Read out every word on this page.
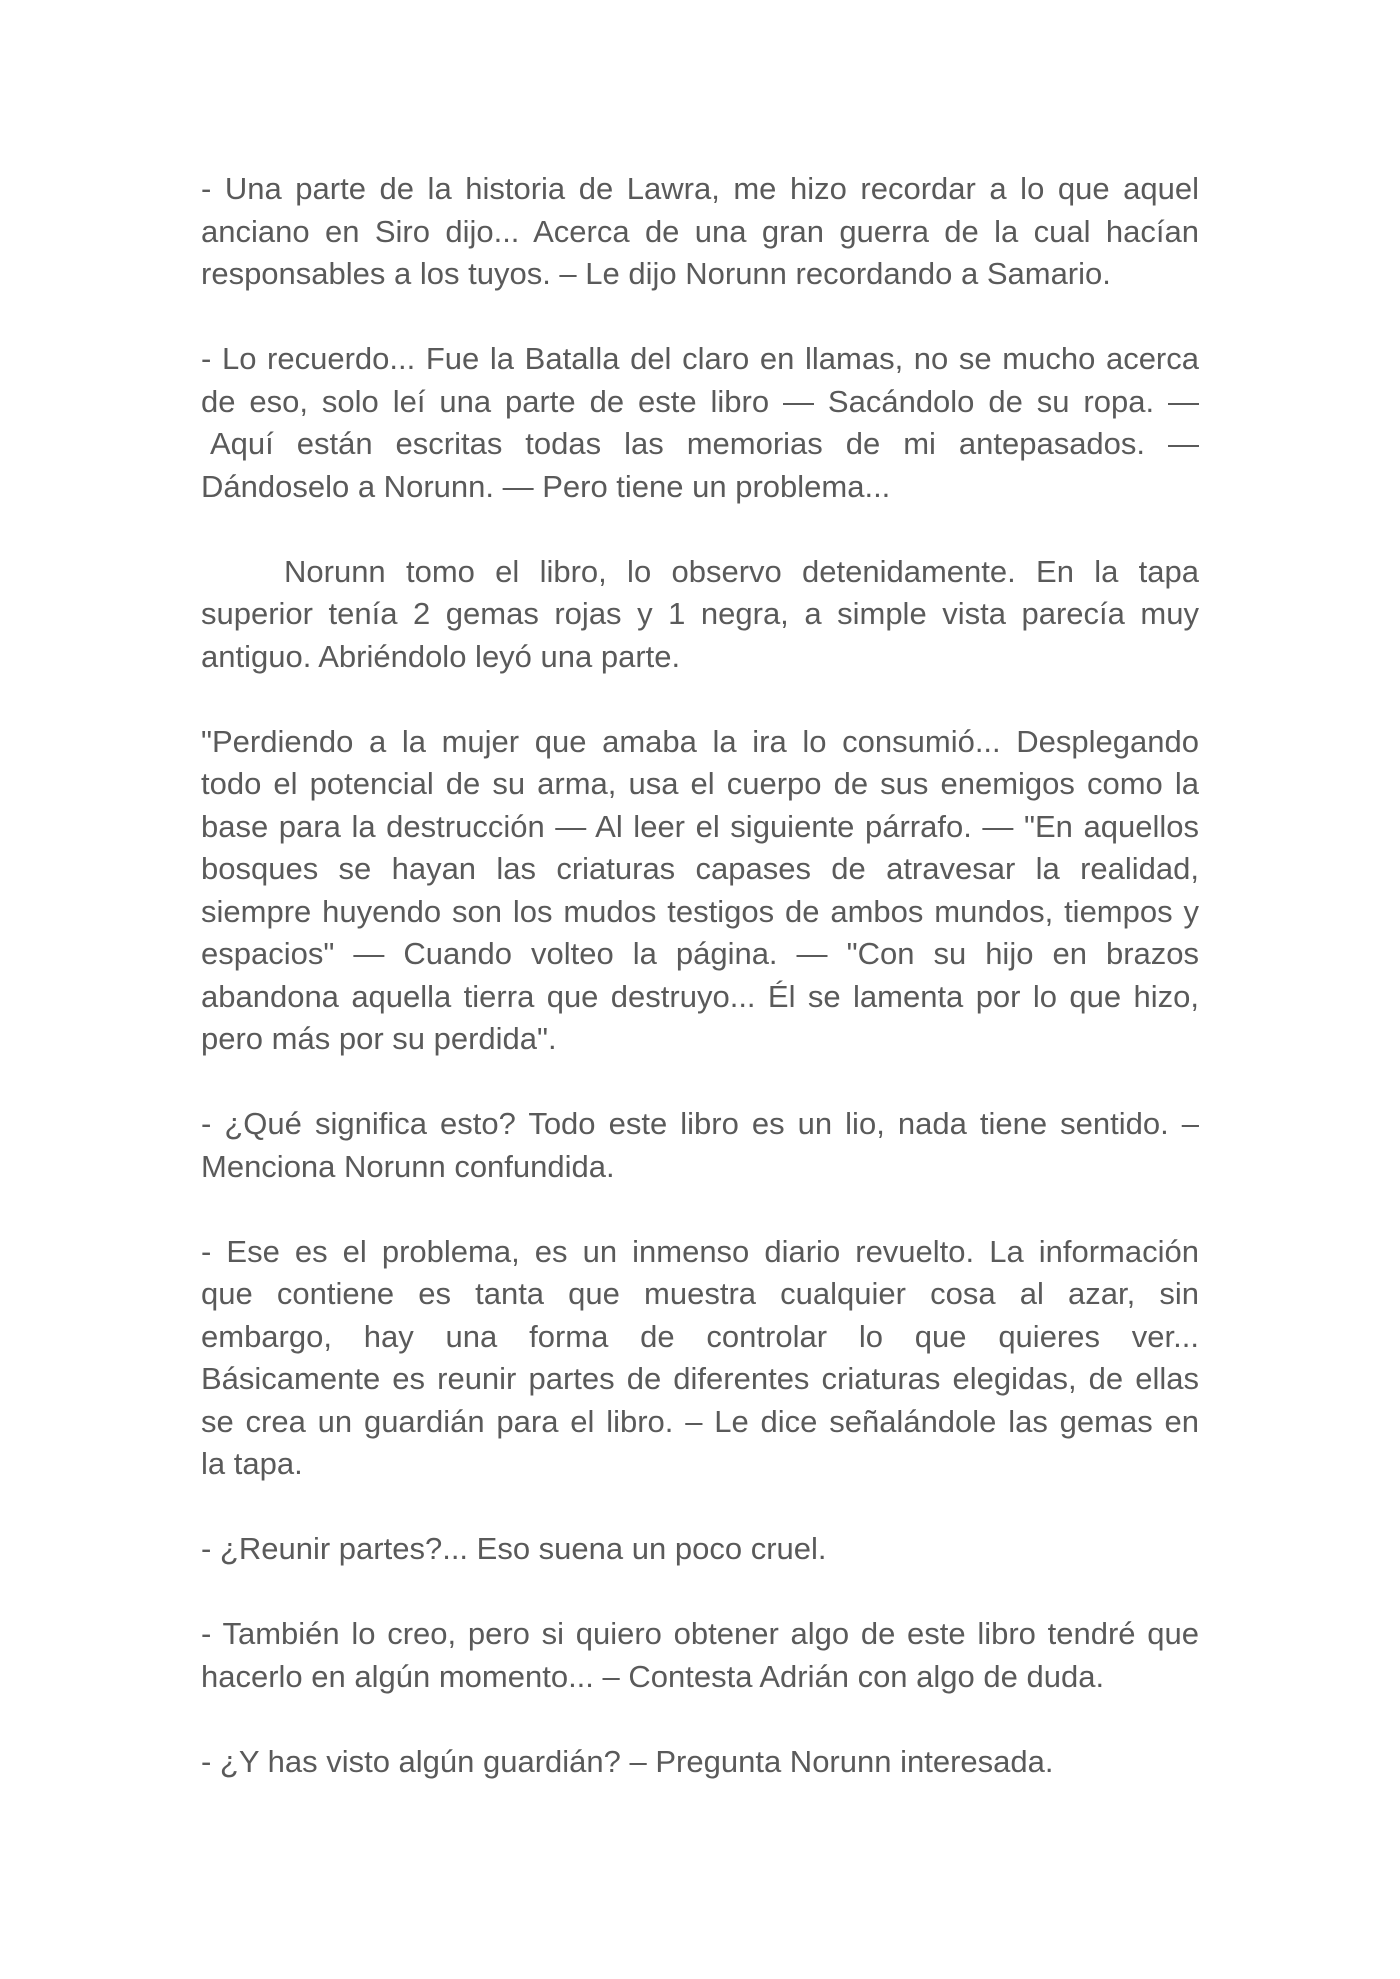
- Una parte de la historia de Lawra, me hizo recordar a lo que aquel
anciano en Siro dijo... Acerca de una gran guerra de la cual hacían
responsables a los tuyos. – Le dijo Norunn recordando a Samario.

- Lo recuerdo... Fue la Batalla del claro en llamas, no se mucho acerca
de eso, solo leí una parte de este libro — Sacándolo de su ropa. —
Aquí están escritas todas las memorias de mi antepasados. —
Dándoselo a Norunn. — Pero tiene un problema...

Norunn tomo el libro, lo observo detenidamente. En la tapa
superior tenía 2 gemas rojas y 1 negra, a simple vista parecía muy
antiguo. Abriéndolo leyó una parte.

"Perdiendo a la mujer que amaba la ira lo consumió... Desplegando
todo el potencial de su arma, usa el cuerpo de sus enemigos como la
base para la destrucción — Al leer el siguiente párrafo. — "En aquellos
bosques se hayan las criaturas capases de atravesar la realidad,
siempre huyendo son los mudos testigos de ambos mundos, tiempos y
espacios" — Cuando volteo la página. — "Con su hijo en brazos
abandona aquella tierra que destruyo... Él se lamenta por lo que hizo,
pero más por su perdida".

- ¿Qué significa esto? Todo este libro es un lio, nada tiene sentido. –
Menciona Norunn confundida.

- Ese es el problema, es un inmenso diario revuelto. La información
que contiene es tanta que muestra cualquier cosa al azar, sin
embargo, hay una forma de controlar lo que quieres ver...
Básicamente es reunir partes de diferentes criaturas elegidas, de ellas
se crea un guardián para el libro. – Le dice señalándole las gemas en
la tapa.

- ¿Reunir partes?... Eso suena un poco cruel.

- También lo creo, pero si quiero obtener algo de este libro tendré que
hacerlo en algún momento... – Contesta Adrián con algo de duda.

- ¿Y has visto algún guardián? – Pregunta Norunn interesada.
